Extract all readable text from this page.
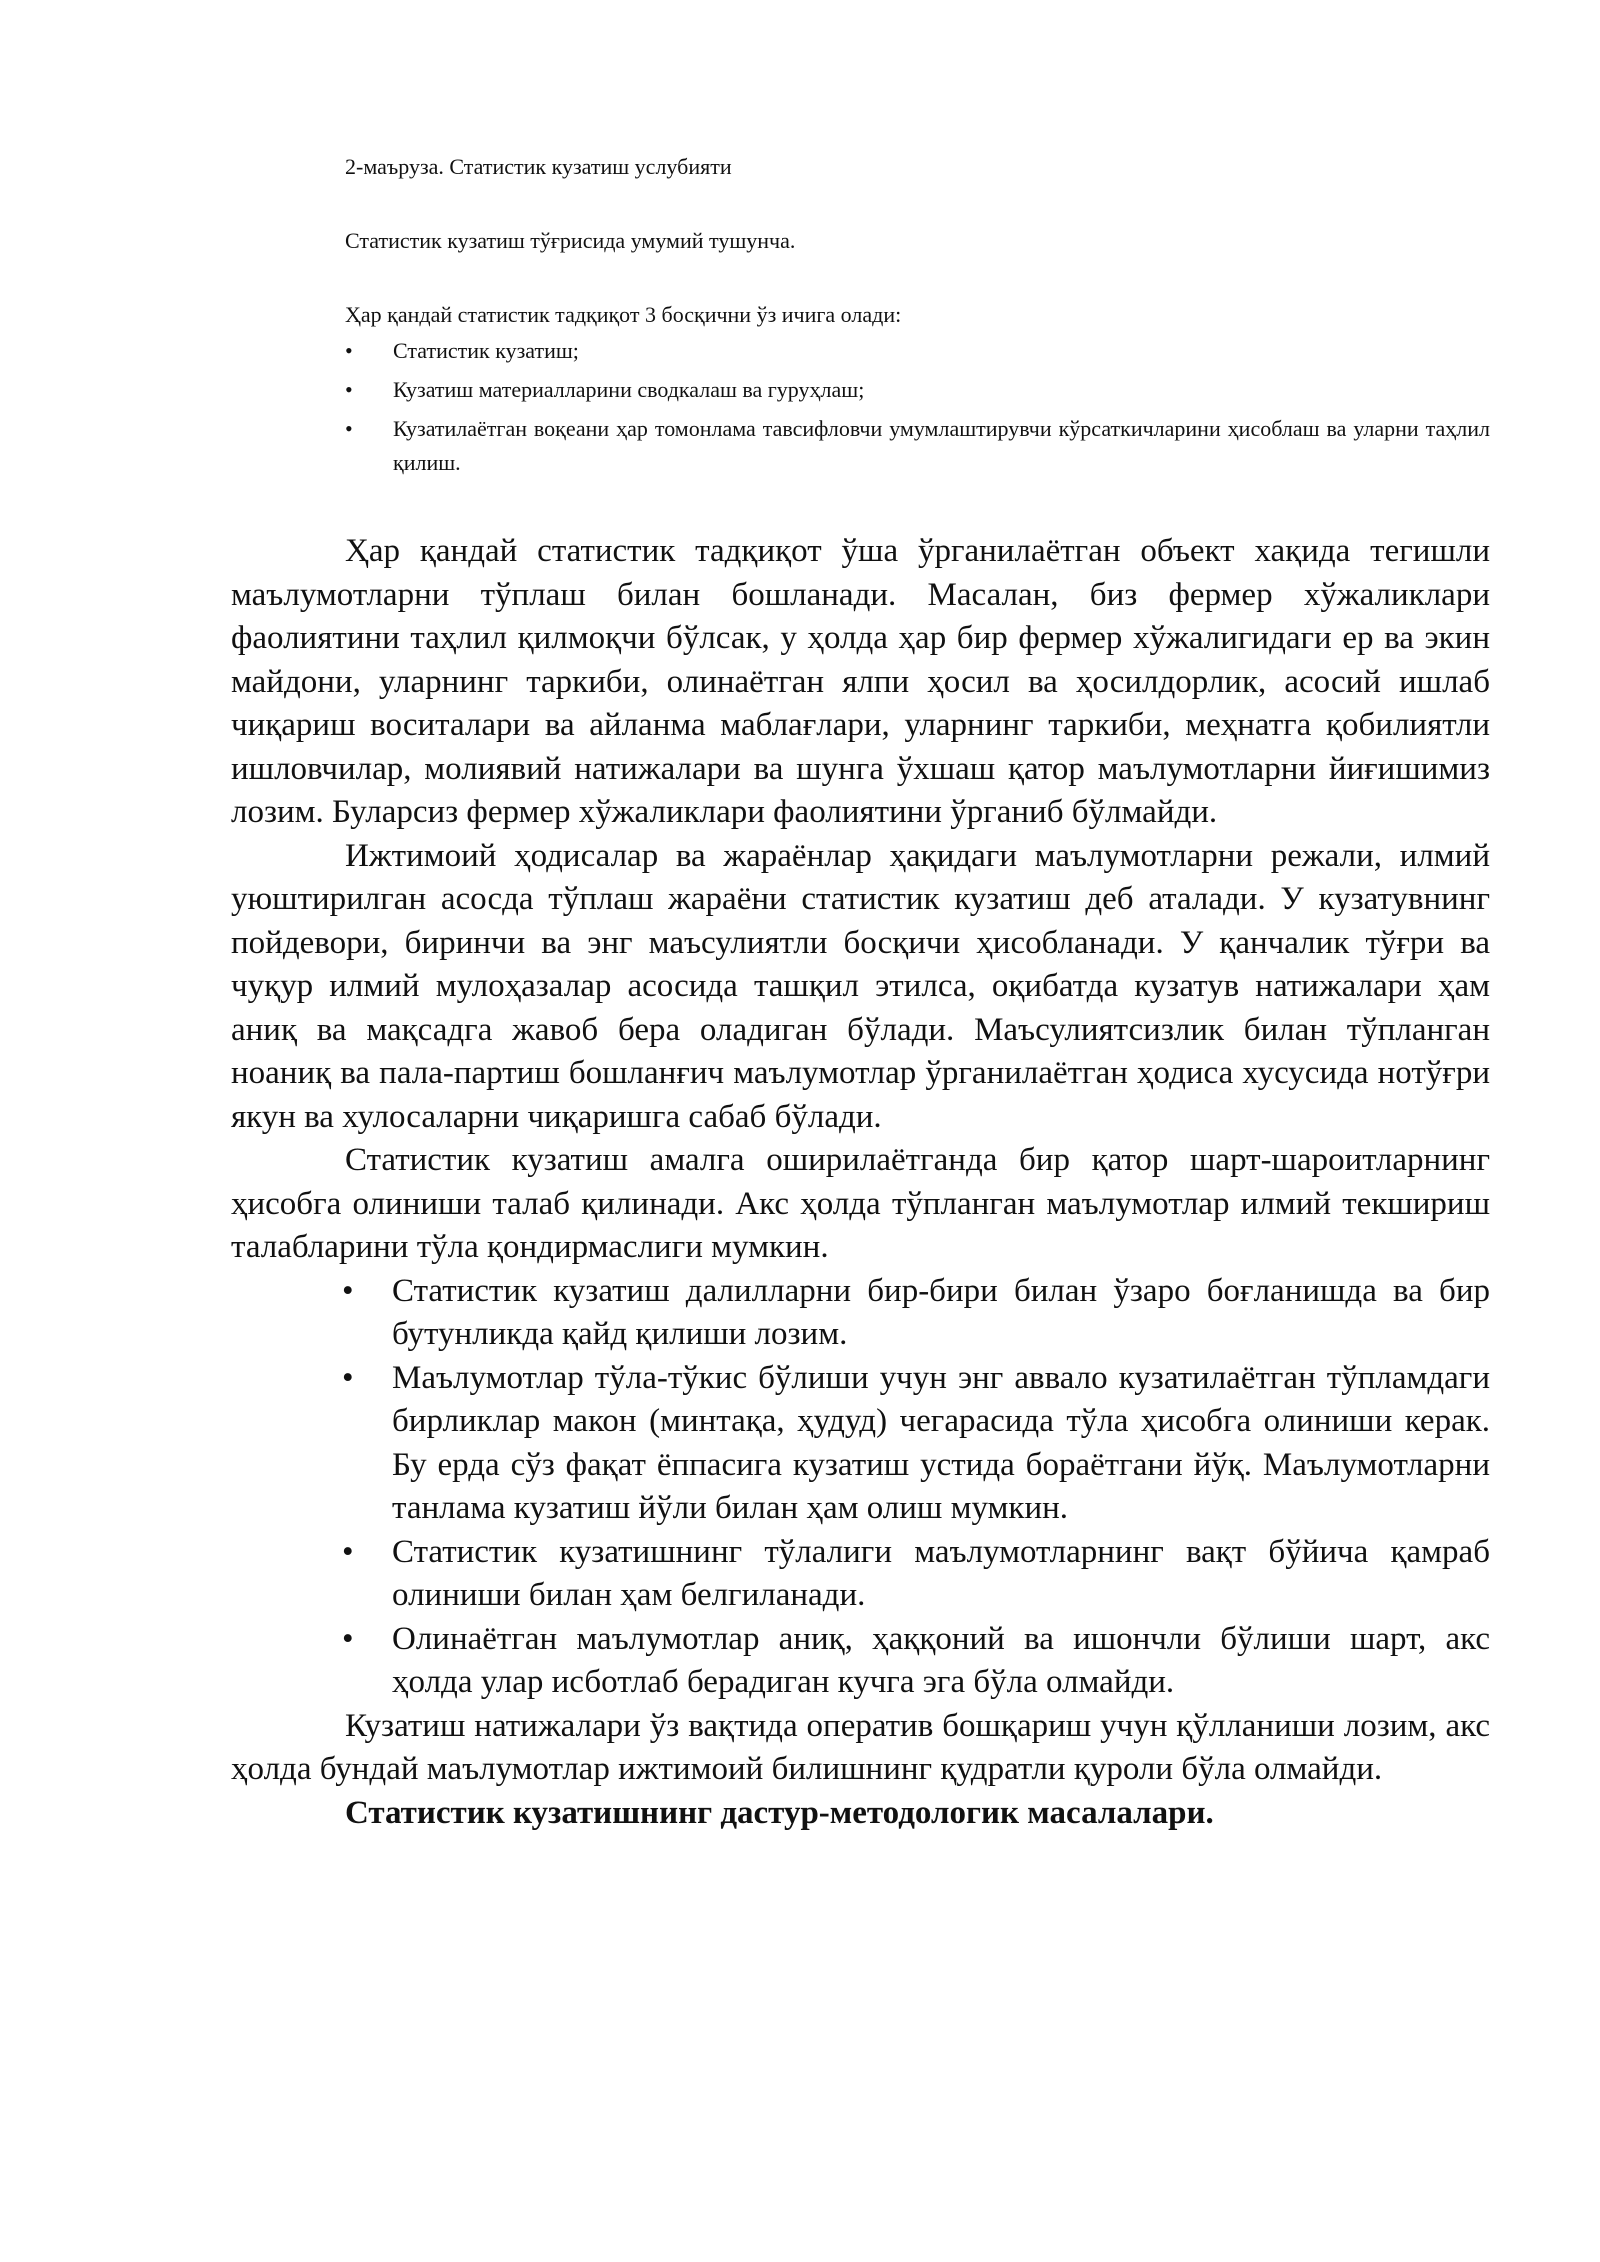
2-маъруза. Статистик кузатиш услубияти

Статистик кузатиш тўғрисида умумий тушунча.

Ҳар қандай статистик тадқиқот 3 босқични ўз ичига олади:

• Статистик кузатиш;
• Кузатиш материалларини сводкалаш ва гуруҳлаш;
• Кузатилаётган воқеани ҳар томонлама тавсифловчи умумлаштирувчи кўрсаткичларини ҳисоблаш ва уларни таҳлил қилиш.

Ҳар қандай статистик тадқиқот ўша ўрганилаётган объект хақида тегишли маълумотларни тўплаш билан бошланади. Масалан, биз фермер хўжаликлари фаолиятини таҳлил қилмоқчи бўлсак, у ҳолда ҳар бир фермер хўжалигидаги ер ва экин майдони, уларнинг таркиби, олинаётган ялпи ҳосил ва ҳосилдорлик, асосий ишлаб чиқариш воситалари ва айланма маблағлари, уларнинг таркиби, меҳнатга қобилиятли ишловчилар, молиявий натижалари ва шунга ўхшаш қатор маълумотларни йиғишимиз лозим. Буларсиз фермер хўжаликлари фаолиятини ўрганиб бўлмайди.

Ижтимоий ҳодисалар ва жараёнлар ҳақидаги маълумотларни режали, илмий уюштирилган асосда тўплаш жараёни статистик кузатиш деб аталади. У кузатувнинг пойдевори, биринчи ва энг маъсулиятли босқичи ҳисобланади. У қанчалик тўғри ва чуқур илмий мулоҳазалар асосида ташқил этилса, оқибатда кузатув натижалари ҳам аниқ ва мақсадга жавоб бера оладиган бўлади. Маъсулиятсизлик билан тўпланган ноаниқ ва пала-партиш бошланғич маълумотлар ўрганилаётган ҳодиса хусусида нотўғри якун ва хулосаларни чиқаришга сабаб бўлади.

Статистик кузатиш амалга оширилаётганда бир қатор шарт-шароитларнинг ҳисобга олиниши талаб қилинади. Акс ҳолда тўпланган маълумотлар илмий текшириш талабларини тўла қондирмаслиги мумкин.

• Статистик кузатиш далилларни бир-бири билан ўзаро боғланишда ва бир бутунликда қайд қилиши лозим.
• Маълумотлар тўла-тўкис бўлиши учун энг аввало кузатилаётган тўпламдаги бирликлар макон (минтақа, ҳудуд) чегарасида тўла ҳисобга олиниши керак. Бу ерда сўз фақат ёппасига кузатиш устида бораётгани йўқ. Маълумотларни танлама кузатиш йўли билан ҳам олиш мумкин.
• Статистик кузатишнинг тўлалиги маълумотларнинг вақт бўйича қамраб олиниши билан ҳам белгиланади.
• Олинаётган маълумотлар аниқ, ҳаққоний ва ишончли бўлиши шарт, акс ҳолда улар исботлаб берадиган кучга эга бўла олмайди.

Кузатиш натижалари ўз вақтида оператив бошқариш учун қўлланиши лозим, акс ҳолда бундай маълумотлар ижтимоий билишнинг қудратли қуроли бўла олмайди.

Статистик кузатишнинг дастур-методологик масалалари.
